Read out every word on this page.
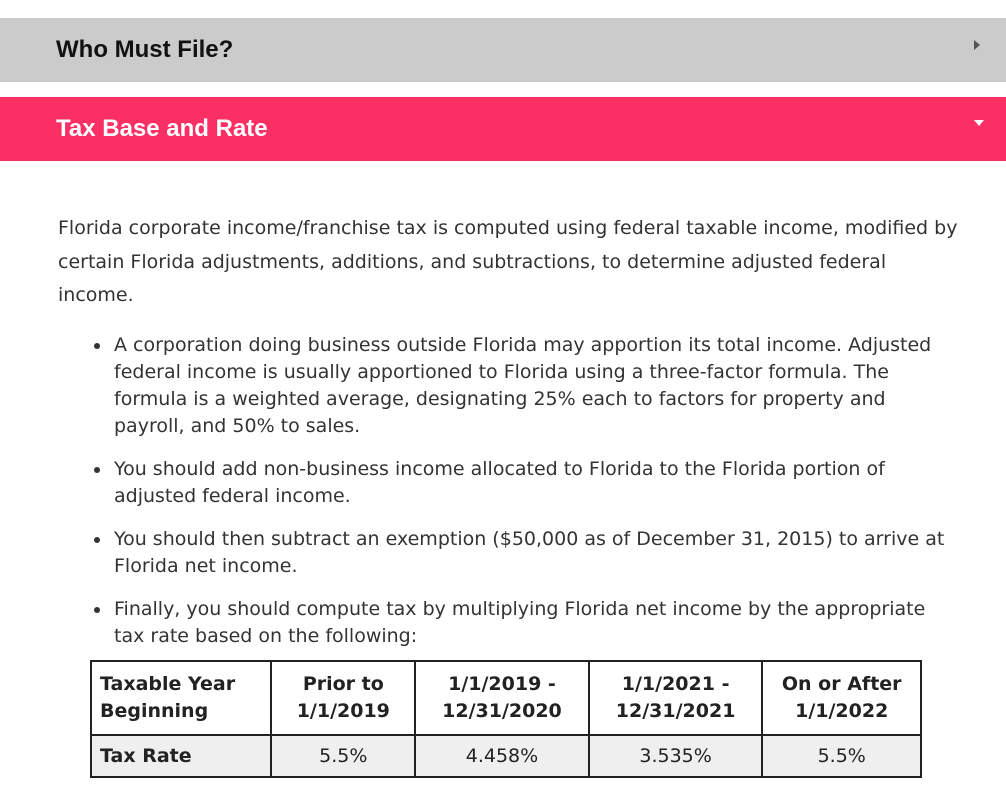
Who Must File?
Tax Base and Rate

Florida corporate income/franchise tax is computed using federal taxable income, modified by certain Florida adjustments, additions, and subtractions, to determine adjusted federal income.

A corporation doing business outside Florida may apportion its total income. Adjusted federal income is usually apportioned to Florida using a three-factor formula. The formula is a weighted average, designating 25% each to factors for property and payroll, and 50% to sales.
You should add non-business income allocated to Florida to the Florida portion of adjusted federal income.
You should then subtract an exemption ($50,000 as of December 31, 2015) to arrive at Florida net income.
Finally, you should compute tax by multiplying Florida net income by the appropriate tax rate based on the following:
Taxable Year Beginning	Prior to 1/1/2019	1/1/2019 - 12/31/2020	1/1/2021 - 12/31/2021	On or After 1/1/2022
Tax Rate	5.5%	4.458%	3.535%	5.5%
